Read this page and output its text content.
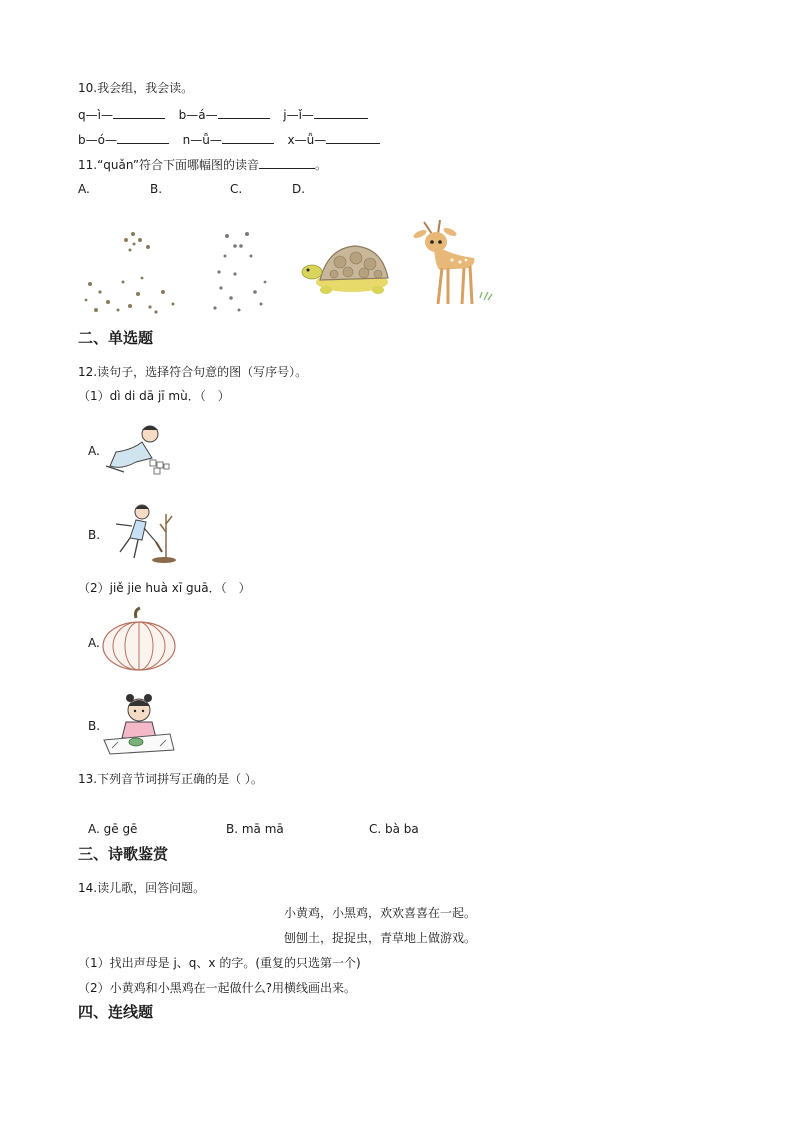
10.我会组，我会读。
q—ì—	b—á—	j—ǐ—
b—ó—	n—ǚ—	x—ǚ—
11.“quǎn”符合下面哪幅图的读音	。
A.	B.	C.	D.
二、单选题
12.读句子，选择符合句意的图（写序号）。
（1）dì di dā jī mù．（　）
A.
B.
（2）jiě jie huà xī guā．（　）
A.
B.
13.下列音节词拼写正确的是（ ）。
A. gē gē	B. mā mā	C. bà ba
三、诗歌鉴赏
14.读儿歌，回答问题。
小黄鸡，小黑鸡，欢欢喜喜在一起。
刨刨土，捉捉虫，青草地上做游戏。
（1）找出声母是 j、q、x 的字。(重复的只选第一个)
（2）小黄鸡和小黑鸡在一起做什么?用横线画出来。
四、连线题
